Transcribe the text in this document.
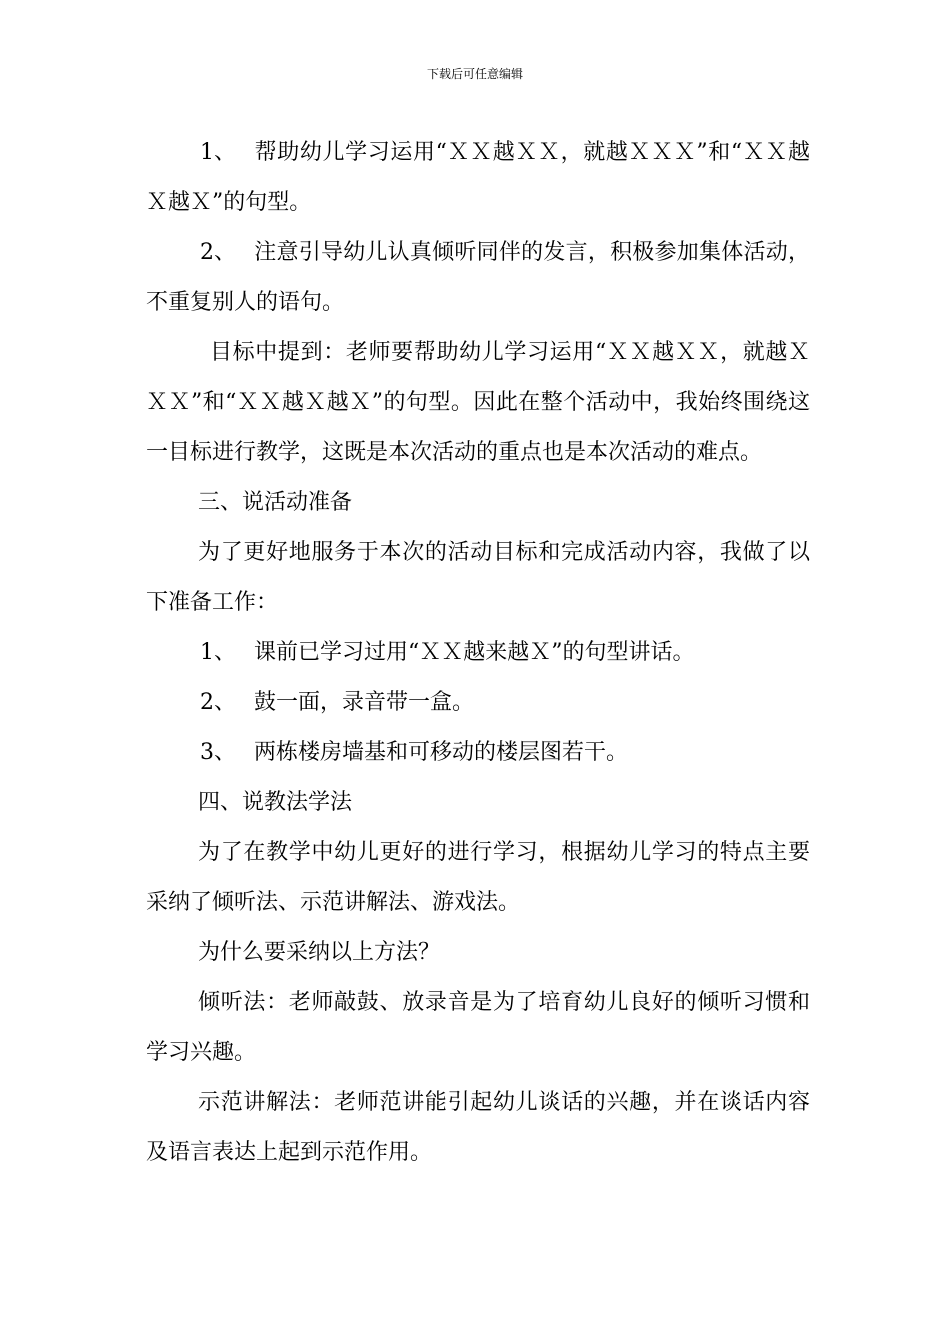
下载后可任意编辑

1、 帮助幼儿学习运用“ＸＸ越ＸＸ，就越ＸＸＸ”和“ＸＸ越Ｘ越Ｘ”的句型。

2、 注意引导幼儿认真倾听同伴的发言，积极参加集体活动，不重复别人的语句。

目标中提到：老师要帮助幼儿学习运用“ＸＸ越ＸＸ，就越ＸＸＸ”和“ＸＸ越Ｘ越Ｘ”的句型。因此在整个活动中，我始终围绕这一目标进行教学，这既是本次活动的重点也是本次活动的难点。

三、说活动准备

为了更好地服务于本次的活动目标和完成活动内容，我做了以下准备工作：

1、 课前已学习过用“ＸＸ越来越Ｘ”的句型讲话。

2、 鼓一面，录音带一盒。

3、 两栋楼房墙基和可移动的楼层图若干。

四、说教法学法

为了在教学中幼儿更好的进行学习，根据幼儿学习的特点主要采纳了倾听法、示范讲解法、游戏法。

为什么要采纳以上方法？

倾听法：老师敲鼓、放录音是为了培育幼儿良好的倾听习惯和学习兴趣。

示范讲解法：老师范讲能引起幼儿谈话的兴趣，并在谈话内容及语言表达上起到示范作用。
